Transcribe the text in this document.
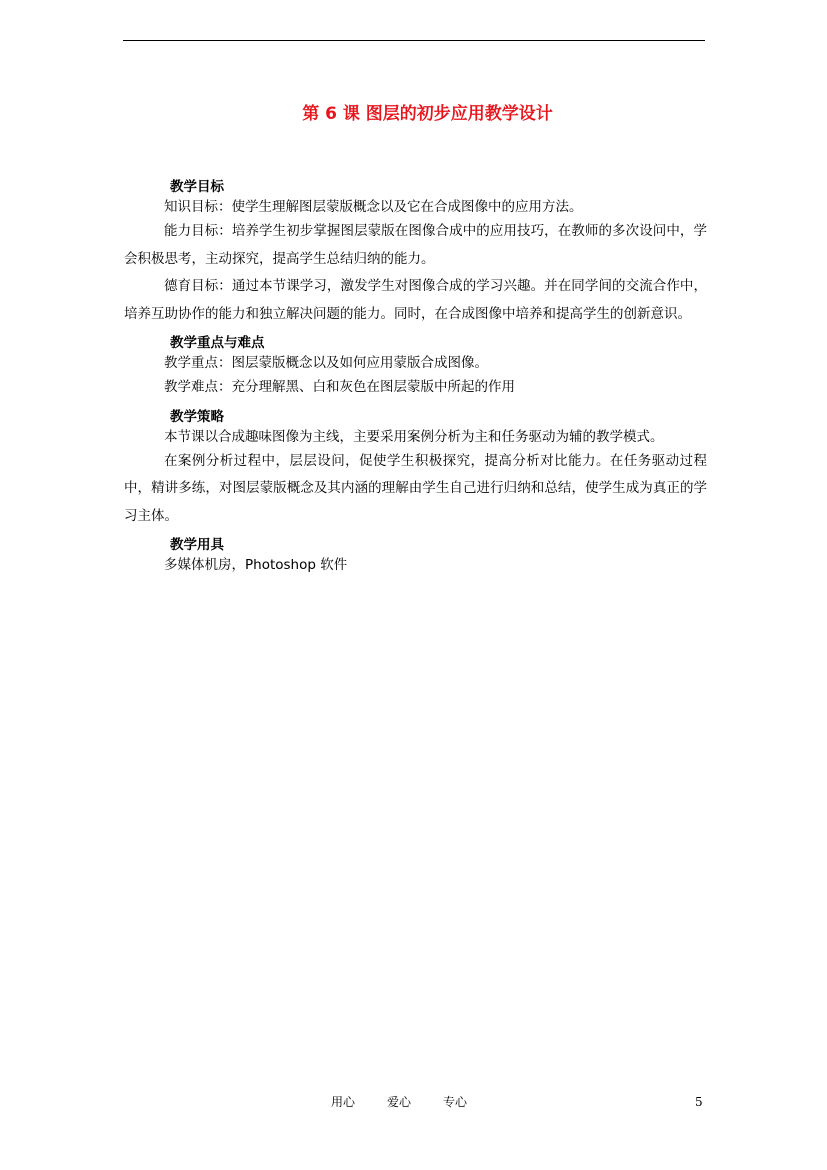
第 6 课 图层的初步应用教学设计

教学目标

知识目标：使学生理解图层蒙版概念以及它在合成图像中的应用方法。

能力目标：培养学生初步掌握图层蒙版在图像合成中的应用技巧，在教师的多次设问中，学会积极思考，主动探究，提高学生总结归纳的能力。

德育目标：通过本节课学习，激发学生对图像合成的学习兴趣。并在同学间的交流合作中，培养互助协作的能力和独立解决问题的能力。同时，在合成图像中培养和提高学生的创新意识。

教学重点与难点

教学重点：图层蒙版概念以及如何应用蒙版合成图像。

教学难点：充分理解黑、白和灰色在图层蒙版中所起的作用

教学策略

本节课以合成趣味图像为主线，主要采用案例分析为主和任务驱动为辅的教学模式。

在案例分析过程中，层层设问，促使学生积极探究，提高分析对比能力。在任务驱动过程中，精讲多练，对图层蒙版概念及其内涵的理解由学生自己进行归纳和总结，使学生成为真正的学习主体。

教学用具

多媒体机房，Photoshop 软件

用心	爱心	专心	5
